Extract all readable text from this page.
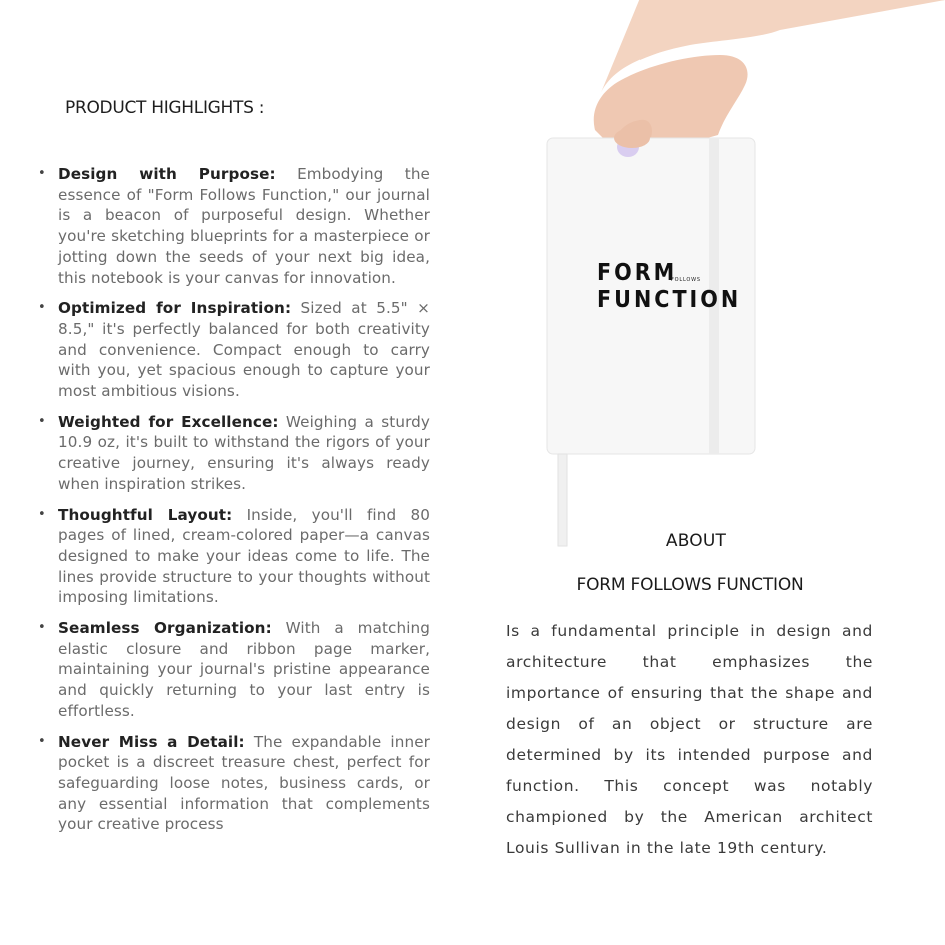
PRODUCT HIGHLIGHTS :
• Design with Purpose: Embodying the essence of "Form Follows Function," our journal is a beacon of purposeful design. Whether you're sketching blueprints for a masterpiece or jotting down the seeds of your next big idea, this notebook is your canvas for innovation.
• Optimized for Inspiration: Sized at 5.5" × 8.5," it's perfectly balanced for both creativity and convenience. Compact enough to carry with you, yet spacious enough to capture your most ambitious visions.
• Weighted for Excellence: Weighing a sturdy 10.9 oz, it's built to withstand the rigors of your creative journey, ensuring it's always ready when inspiration strikes.
• Thoughtful Layout: Inside, you'll find 80 pages of lined, cream-colored paper—a canvas designed to make your ideas come to life. The lines provide structure to your thoughts without imposing limitations.
• Seamless Organization: With a matching elastic closure and ribbon page marker, maintaining your journal's pristine appearance and quickly returning to your last entry is effortless.
• Never Miss a Detail: The expandable inner pocket is a discreet treasure chest, perfect for safeguarding loose notes, business cards, or any essential information that complements your creative process
FORM
FOLLOWS
FUNCTION
ABOUT
FORM FOLLOWS FUNCTION
Is a fundamental principle in design and architecture that emphasizes the importance of ensuring that the shape and design of an object or structure are determined by its intended purpose and function. This concept was notably championed by the American architect Louis Sullivan in the late 19th century.
